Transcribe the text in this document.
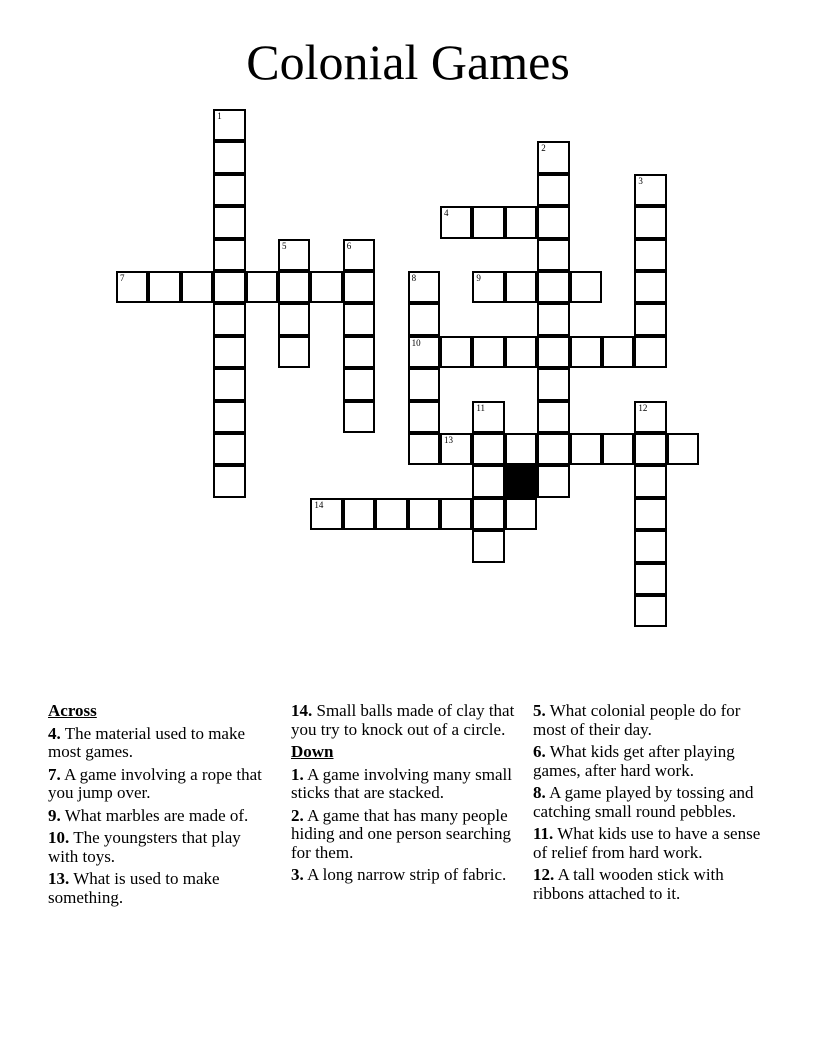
Colonial Games
1
2
3
4
5	6
7	8
10
9
11	12
13
14
Across
4. The material used to make most games.
7. A game involving a rope that you jump over.
9. What marbles are made of.
10. The youngsters that play with toys.
13. What is used to make something.
14. Small balls made of clay that you try to knock out of a circle.
Down
1. A game involving many small sticks that are stacked.
2. A game that has many people hiding and one person searching for them.
3. A long narrow strip of fabric.
5. What colonial people do for most of their day.
6. What kids get after playing games, after hard work.
8. A game played by tossing and catching small round pebbles.
11. What kids use to have a sense of relief from hard work.
12. A tall wooden stick with ribbons attached to it.
